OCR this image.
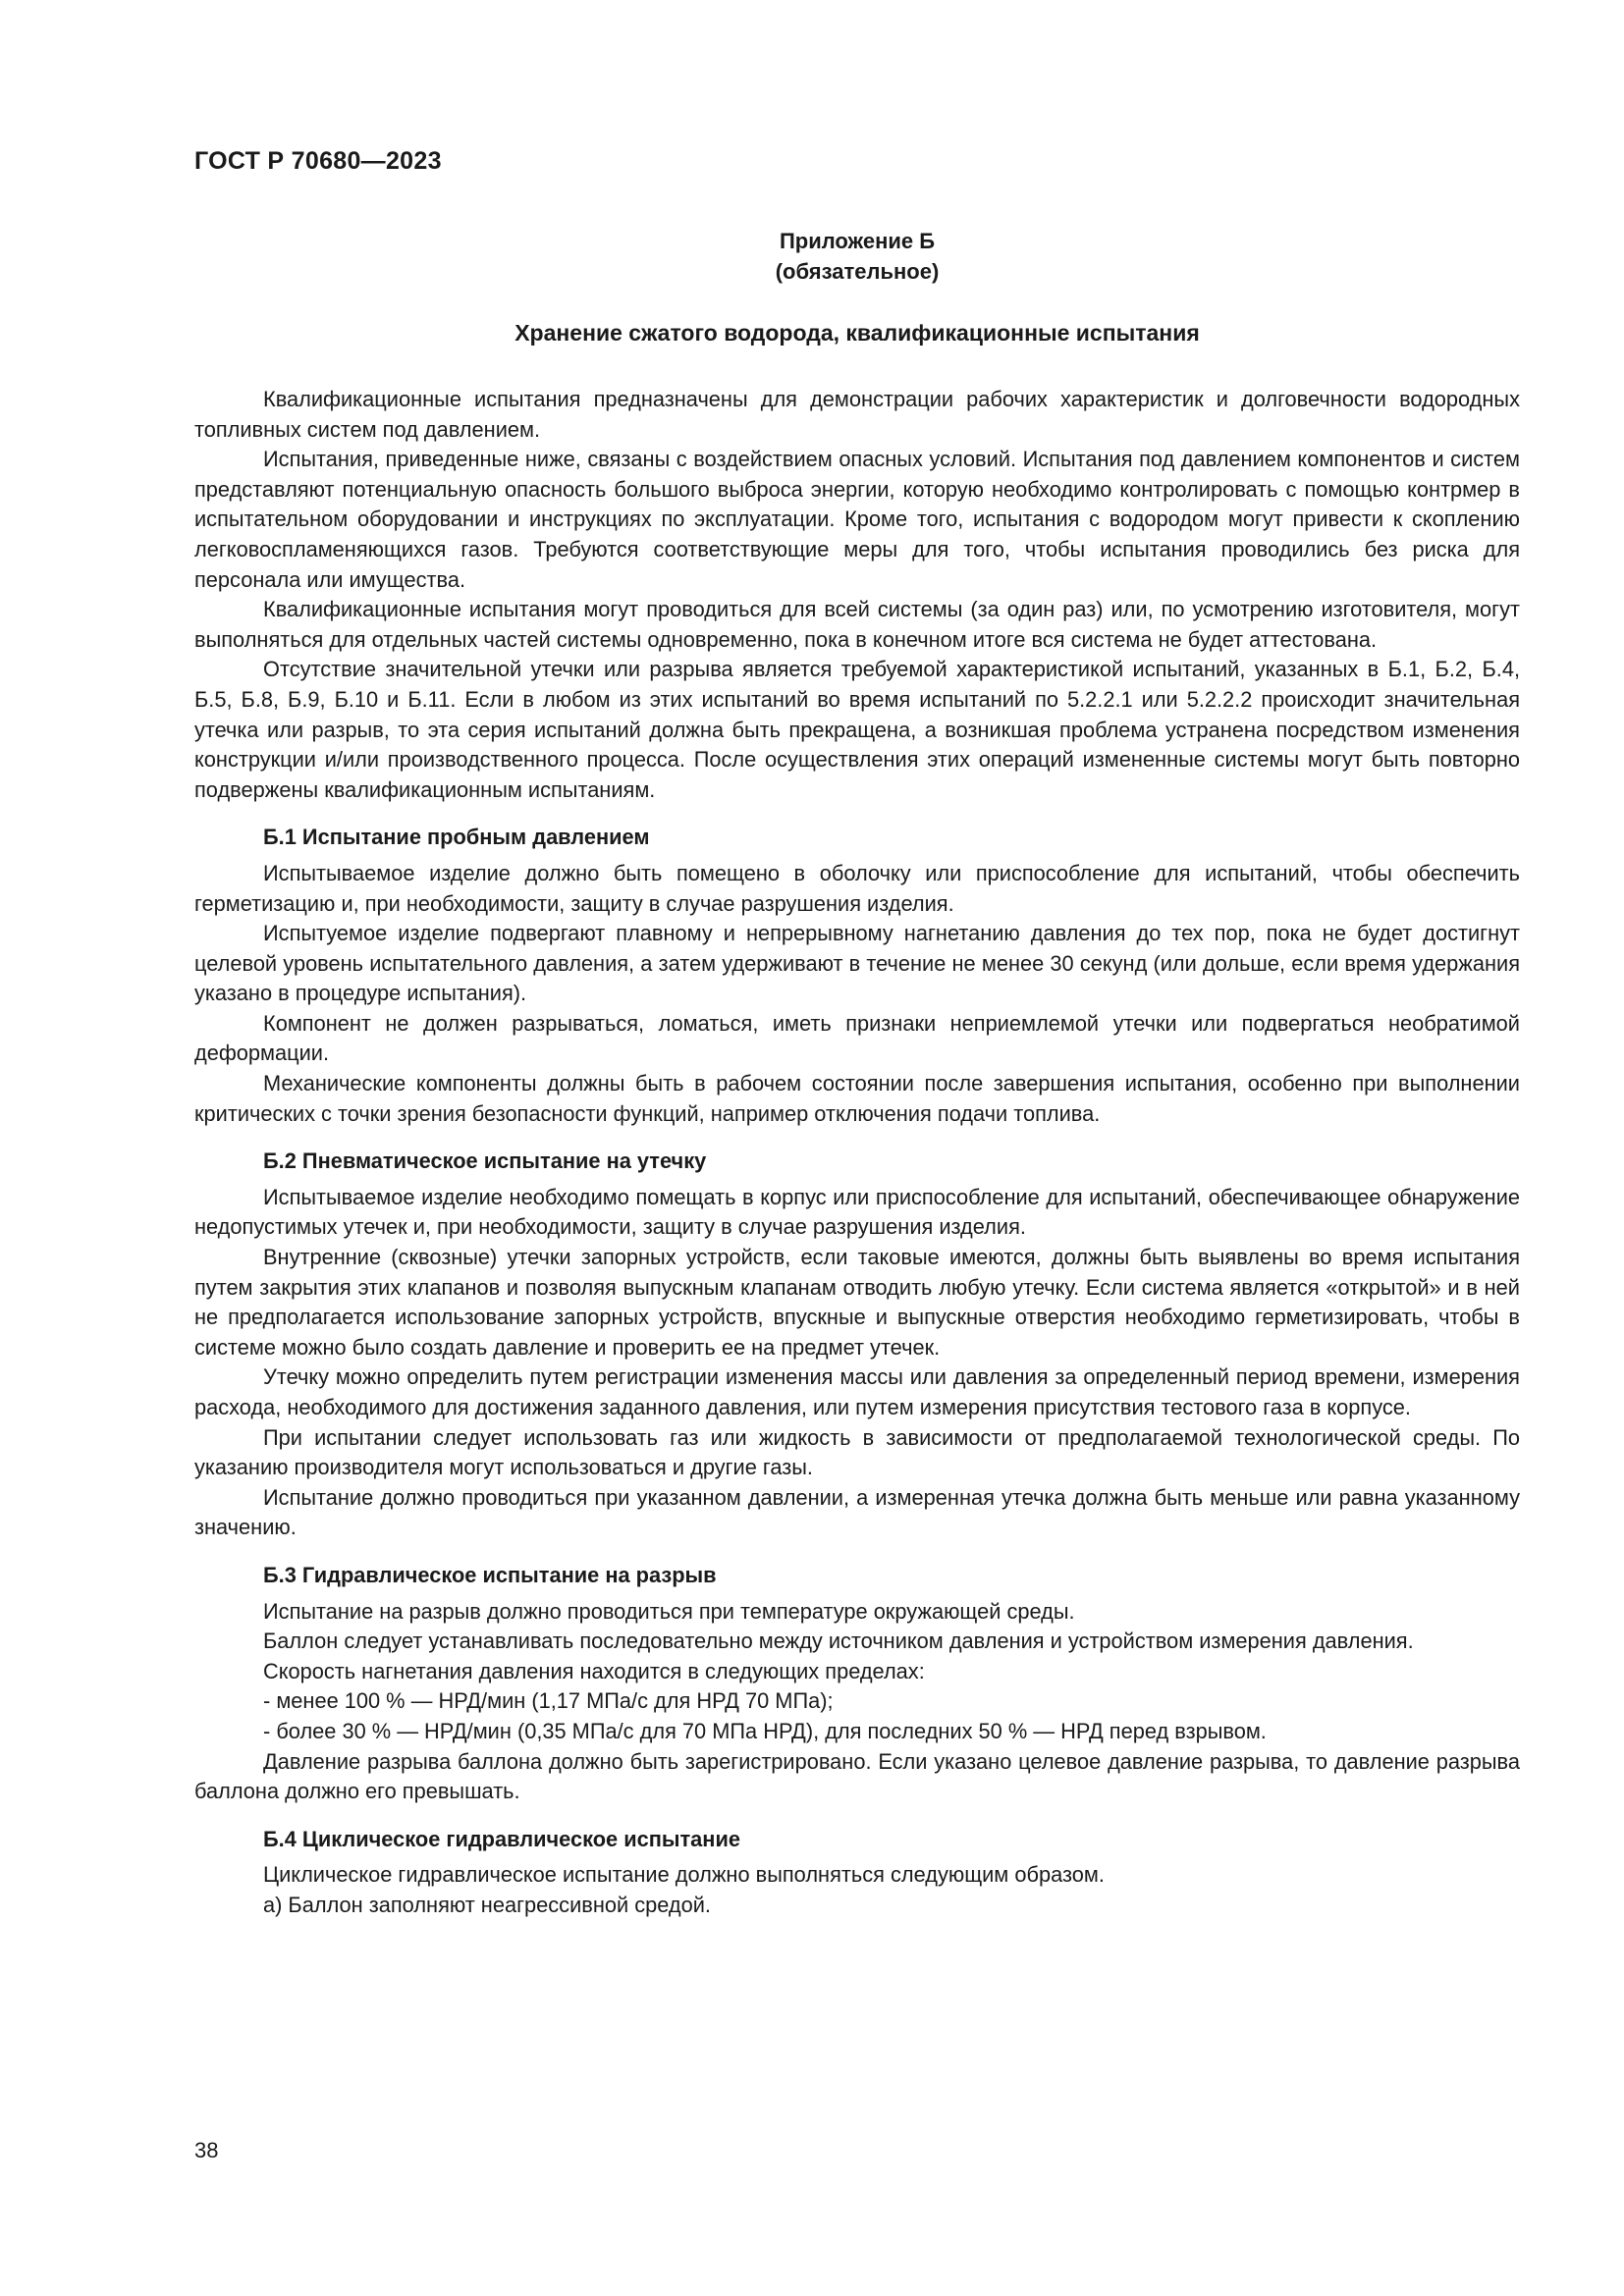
ГОСТ Р 70680—2023
Приложение Б
(обязательное)
Хранение сжатого водорода, квалификационные испытания

Квалификационные испытания предназначены для демонстрации рабочих характеристик и долговечности водородных топливных систем под давлением.

Испытания, приведенные ниже, связаны с воздействием опасных условий. Испытания под давлением компонентов и систем представляют потенциальную опасность большого выброса энергии, которую необходимо контролировать с помощью контрмер в испытательном оборудовании и инструкциях по эксплуатации. Кроме того, испытания с водородом могут привести к скоплению легковоспламеняющихся газов. Требуются соответствующие меры для того, чтобы испытания проводились без риска для персонала или имущества.

Квалификационные испытания могут проводиться для всей системы (за один раз) или, по усмотрению изготовителя, могут выполняться для отдельных частей системы одновременно, пока в конечном итоге вся система не будет аттестована.

Отсутствие значительной утечки или разрыва является требуемой характеристикой испытаний, указанных в Б.1, Б.2, Б.4, Б.5, Б.8, Б.9, Б.10 и Б.11. Если в любом из этих испытаний во время испытаний по 5.2.2.1 или 5.2.2.2 происходит значительная утечка или разрыв, то эта серия испытаний должна быть прекращена, а возникшая проблема устранена посредством изменения конструкции и/или производственного процесса. После осуществления этих операций измененные системы могут быть повторно подвержены квалификационным испытаниям.

Б.1 Испытание пробным давлением

Испытываемое изделие должно быть помещено в оболочку или приспособление для испытаний, чтобы обеспечить герметизацию и, при необходимости, защиту в случае разрушения изделия.

Испытуемое изделие подвергают плавному и непрерывному нагнетанию давления до тех пор, пока не будет достигнут целевой уровень испытательного давления, а затем удерживают в течение не менее 30 секунд (или дольше, если время удержания указано в процедуре испытания).

Компонент не должен разрываться, ломаться, иметь признаки неприемлемой утечки или подвергаться необратимой деформации.

Механические компоненты должны быть в рабочем состоянии после завершения испытания, особенно при выполнении критических с точки зрения безопасности функций, например отключения подачи топлива.

Б.2 Пневматическое испытание на утечку

Испытываемое изделие необходимо помещать в корпус или приспособление для испытаний, обеспечивающее обнаружение недопустимых утечек и, при необходимости, защиту в случае разрушения изделия.

Внутренние (сквозные) утечки запорных устройств, если таковые имеются, должны быть выявлены во время испытания путем закрытия этих клапанов и позволяя выпускным клапанам отводить любую утечку. Если система является «открытой» и в ней не предполагается использование запорных устройств, впускные и выпускные отверстия необходимо герметизировать, чтобы в системе можно было создать давление и проверить ее на предмет утечек.

Утечку можно определить путем регистрации изменения массы или давления за определенный период времени, измерения расхода, необходимого для достижения заданного давления, или путем измерения присутствия тестового газа в корпусе.

При испытании следует использовать газ или жидкость в зависимости от предполагаемой технологической среды. По указанию производителя могут использоваться и другие газы.

Испытание должно проводиться при указанном давлении, а измеренная утечка должна быть меньше или равна указанному значению.

Б.3 Гидравлическое испытание на разрыв

Испытание на разрыв должно проводиться при температуре окружающей среды.

Баллон следует устанавливать последовательно между источником давления и устройством измерения давления.

Скорость нагнетания давления находится в следующих пределах:

- менее 100 % — НРД/мин (1,17 МПа/с для НРД 70 МПа);

- более 30 % — НРД/мин (0,35 МПа/с для 70 МПа НРД), для последних 50 % — НРД перед взрывом.

Давление разрыва баллона должно быть зарегистрировано. Если указано целевое давление разрыва, то давление разрыва баллона должно его превышать.

Б.4 Циклическое гидравлическое испытание

Циклическое гидравлическое испытание должно выполняться следующим образом.

а) Баллон заполняют неагрессивной средой.

38
